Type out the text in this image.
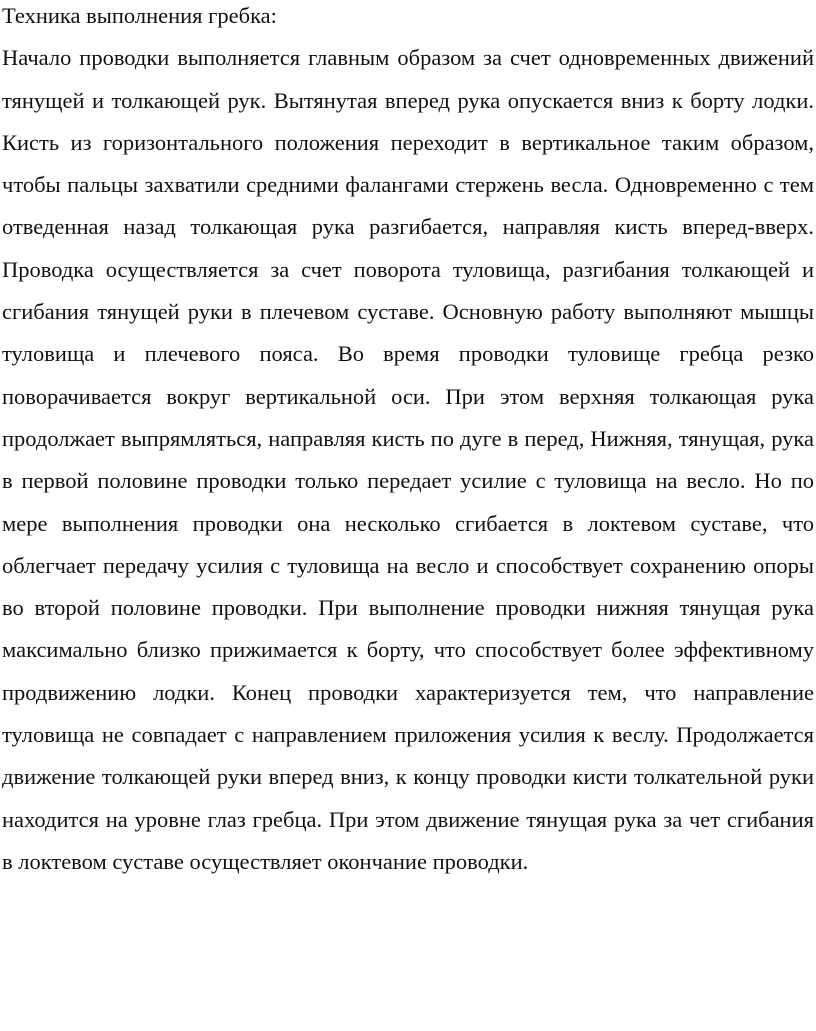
Техника выполнения гребка:

Начало проводки выполняется главным образом за счет одновременных движений тянущей и толкающей рук. Вытянутая вперед рука опускается вниз к борту лодки. Кисть из горизонтального положения переходит в вертикальное таким образом, чтобы пальцы захватили средними фалангами стержень весла. Одновременно с тем отведенная назад толкающая рука разгибается, направляя кисть вперед-вверх. Проводка осуществляется за счет поворота туловища, разгибания толкающей и сгибания тянущей руки в плечевом суставе. Основную работу выполняют мышцы туловища и плечевого пояса. Во время проводки туловище гребца резко поворачивается вокруг вертикальной оси. При этом верхняя толкающая рука продолжает выпрямляться, направляя кисть по дуге в перед, Нижняя, тянущая, рука в первой половине проводки только передает усилие с туловища на весло. Но по мере выполнения проводки она несколько сгибается в локтевом суставе, что облегчает передачу усилия с туловища на весло и способствует сохранению опоры во второй половине проводки. При выполнение проводки нижняя тянущая рука максимально близко прижимается к борту, что способствует более эффективному продвижению лодки. Конец проводки характеризуется тем, что направление туловища не совпадает с направлением приложения усилия к веслу. Продолжается движение толкающей руки вперед вниз, к концу проводки кисти толкательной руки находится на уровне глаз гребца. При этом движение тянущая рука за чет сгибания в локтевом суставе осуществляет окончание проводки.
